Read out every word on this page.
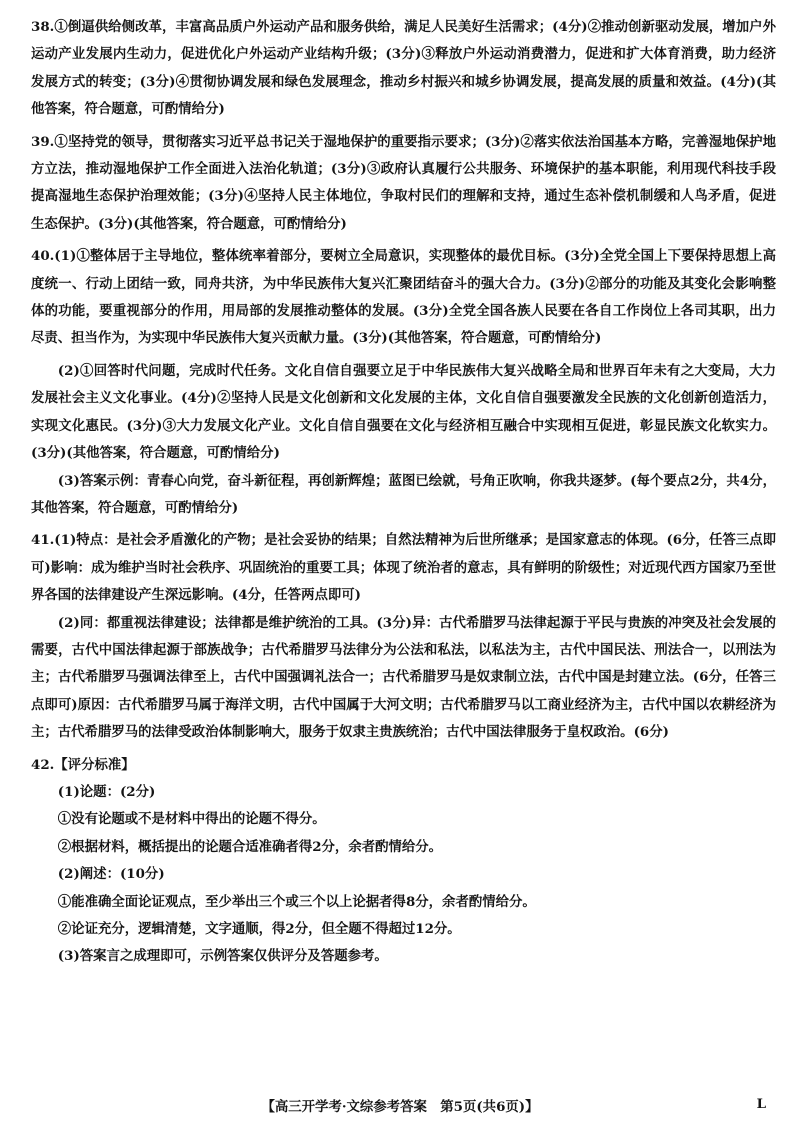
38.①倒逼供给侧改革，丰富高品质户外运动产品和服务供给，满足人民美好生活需求；(4分)②推动创新驱动发展，增加户外运动产业发展内生动力，促进优化户外运动产业结构升级；(3分)③释放户外运动消费潜力，促进和扩大体育消费，助力经济发展方式的转变；(3分)④贯彻协调发展和绿色发展理念，推动乡村振兴和城乡协调发展，提高发展的质量和效益。(4分)(其他答案，符合题意，可酌情给分)

39.①坚持党的领导，贯彻落实习近平总书记关于湿地保护的重要指示要求；(3分)②落实依法治国基本方略，完善湿地保护地方立法，推动湿地保护工作全面进入法治化轨道；(3分)③政府认真履行公共服务、环境保护的基本职能，利用现代科技手段提高湿地生态保护治理效能；(3分)④坚持人民主体地位，争取村民们的理解和支持，通过生态补偿机制缓和人鸟矛盾，促进生态保护。(3分)(其他答案，符合题意，可酌情给分)

40.(1)①整体居于主导地位，整体统率着部分，要树立全局意识，实现整体的最优目标。(3分)全党全国上下要保持思想上高度统一、行动上团结一致，同舟共济，为中华民族伟大复兴汇聚团结奋斗的强大合力。(3分)②部分的功能及其变化会影响整体的功能，要重视部分的作用，用局部的发展推动整体的发展。(3分)全党全国各族人民要在各自工作岗位上各司其职，出力尽责、担当作为，为实现中华民族伟大复兴贡献力量。(3分)(其他答案，符合题意，可酌情给分)

(2)①回答时代问题，完成时代任务。文化自信自强要立足于中华民族伟大复兴战略全局和世界百年未有之大变局，大力发展社会主义文化事业。(4分)②坚持人民是文化创新和文化发展的主体，文化自信自强要激发全民族的文化创新创造活力，实现文化惠民。(3分)③大力发展文化产业。文化自信自强要在文化与经济相互融合中实现相互促进，彰显民族文化软实力。(3分)(其他答案，符合题意，可酌情给分)

(3)答案示例：青春心向党，奋斗新征程，再创新辉煌；蓝图已绘就，号角正吹响，你我共逐梦。(每个要点2分，共4分，其他答案，符合题意，可酌情给分)

41.(1)特点：是社会矛盾激化的产物；是社会妥协的结果；自然法精神为后世所继承；是国家意志的体现。(6分，任答三点即可)影响：成为维护当时社会秩序、巩固统治的重要工具；体现了统治者的意志，具有鲜明的阶级性；对近现代西方国家乃至世界各国的法律建设产生深远影响。(4分，任答两点即可)

(2)同：都重视法律建设；法律都是维护统治的工具。(3分)异：古代希腊罗马法律起源于平民与贵族的冲突及社会发展的需要，古代中国法律起源于部族战争；古代希腊罗马法律分为公法和私法，以私法为主，古代中国民法、刑法合一，以刑法为主；古代希腊罗马强调法律至上，古代中国强调礼法合一；古代希腊罗马是奴隶制立法，古代中国是封建立法。(6分，任答三点即可)原因：古代希腊罗马属于海洋文明，古代中国属于大河文明；古代希腊罗马以工商业经济为主，古代中国以农耕经济为主；古代希腊罗马的法律受政治体制影响大，服务于奴隶主贵族统治；古代中国法律服务于皇权政治。(6分)

42.【评分标准】

(1)论题：(2分)

①没有论题或不是材料中得出的论题不得分。

②根据材料，概括提出的论题合适准确者得2分，余者酌情给分。

(2)阐述：(10分)

①能准确全面论证观点，至少举出三个或三个以上论据者得8分，余者酌情给分。

②论证充分，逻辑清楚，文字通顺，得2分，但全题不得超过12分。

(3)答案言之成理即可，示例答案仅供评分及答题参考。

【高三开学考·文综参考答案　第5页(共6页)】	L
